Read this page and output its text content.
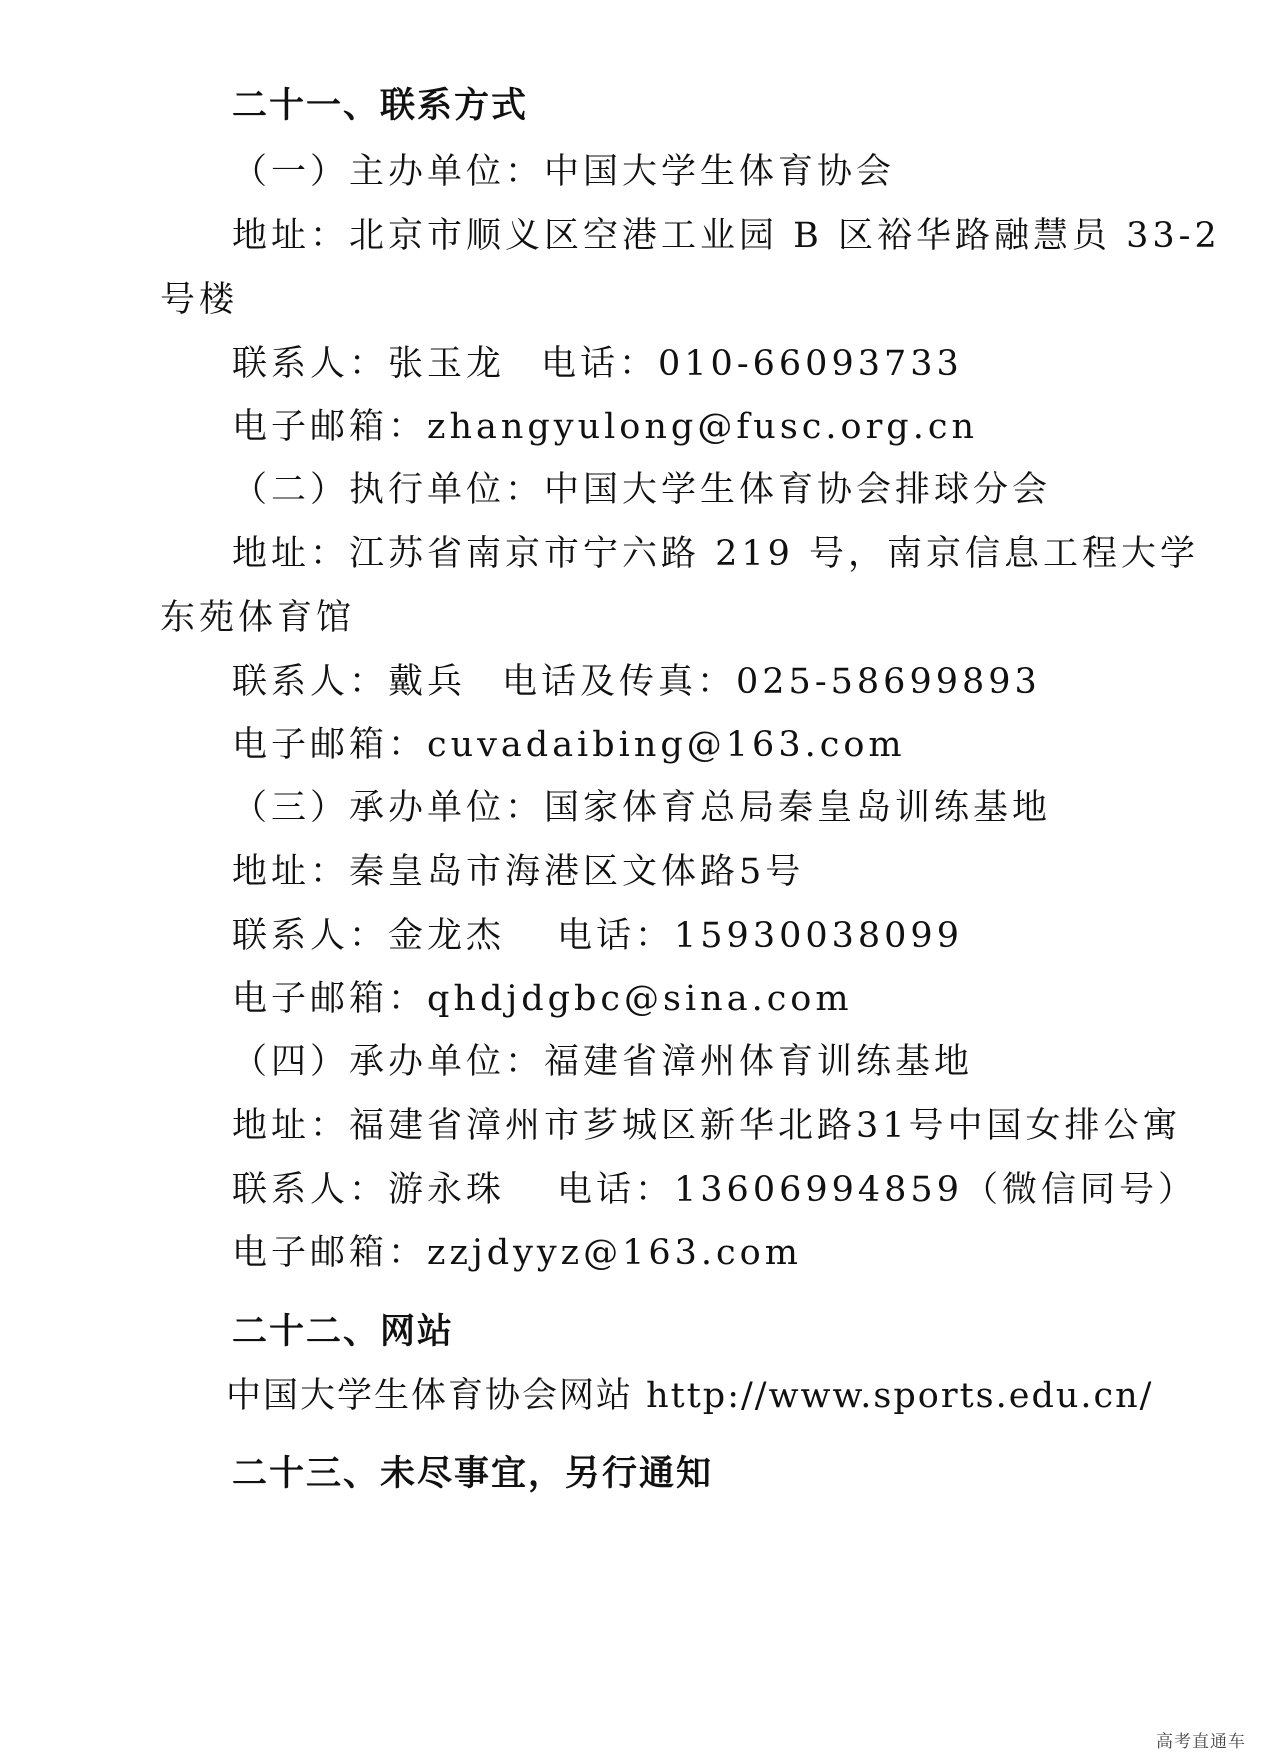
二十一、联系方式
（一）主办单位：中国大学生体育协会
地址：北京市顺义区空港工业园 B 区裕华路融慧员 33-2
号楼
联系人：张玉龙 电话：010-66093733
电子邮箱：zhangyulong@fusc.org.cn
（二）执行单位：中国大学生体育协会排球分会
地址：江苏省南京市宁六路 219 号，南京信息工程大学
东苑体育馆
联系人：戴兵 电话及传真：025-58699893
电子邮箱：cuvadaibing@163.com
（三）承办单位：国家体育总局秦皇岛训练基地
地址：秦皇岛市海港区文体路5号
联系人：金龙杰 电话：15930038099
电子邮箱：qhdjdgbc@sina.com
（四）承办单位：福建省漳州体育训练基地
地址：福建省漳州市芗城区新华北路31号中国女排公寓
联系人：游永珠 电话：13606994859（微信同号）
电子邮箱：zzjdyyz@163.com
二十二、网站
中国大学生体育协会网站 http://www.sports.edu.cn/
二十三、未尽事宜，另行通知
高考直通车
